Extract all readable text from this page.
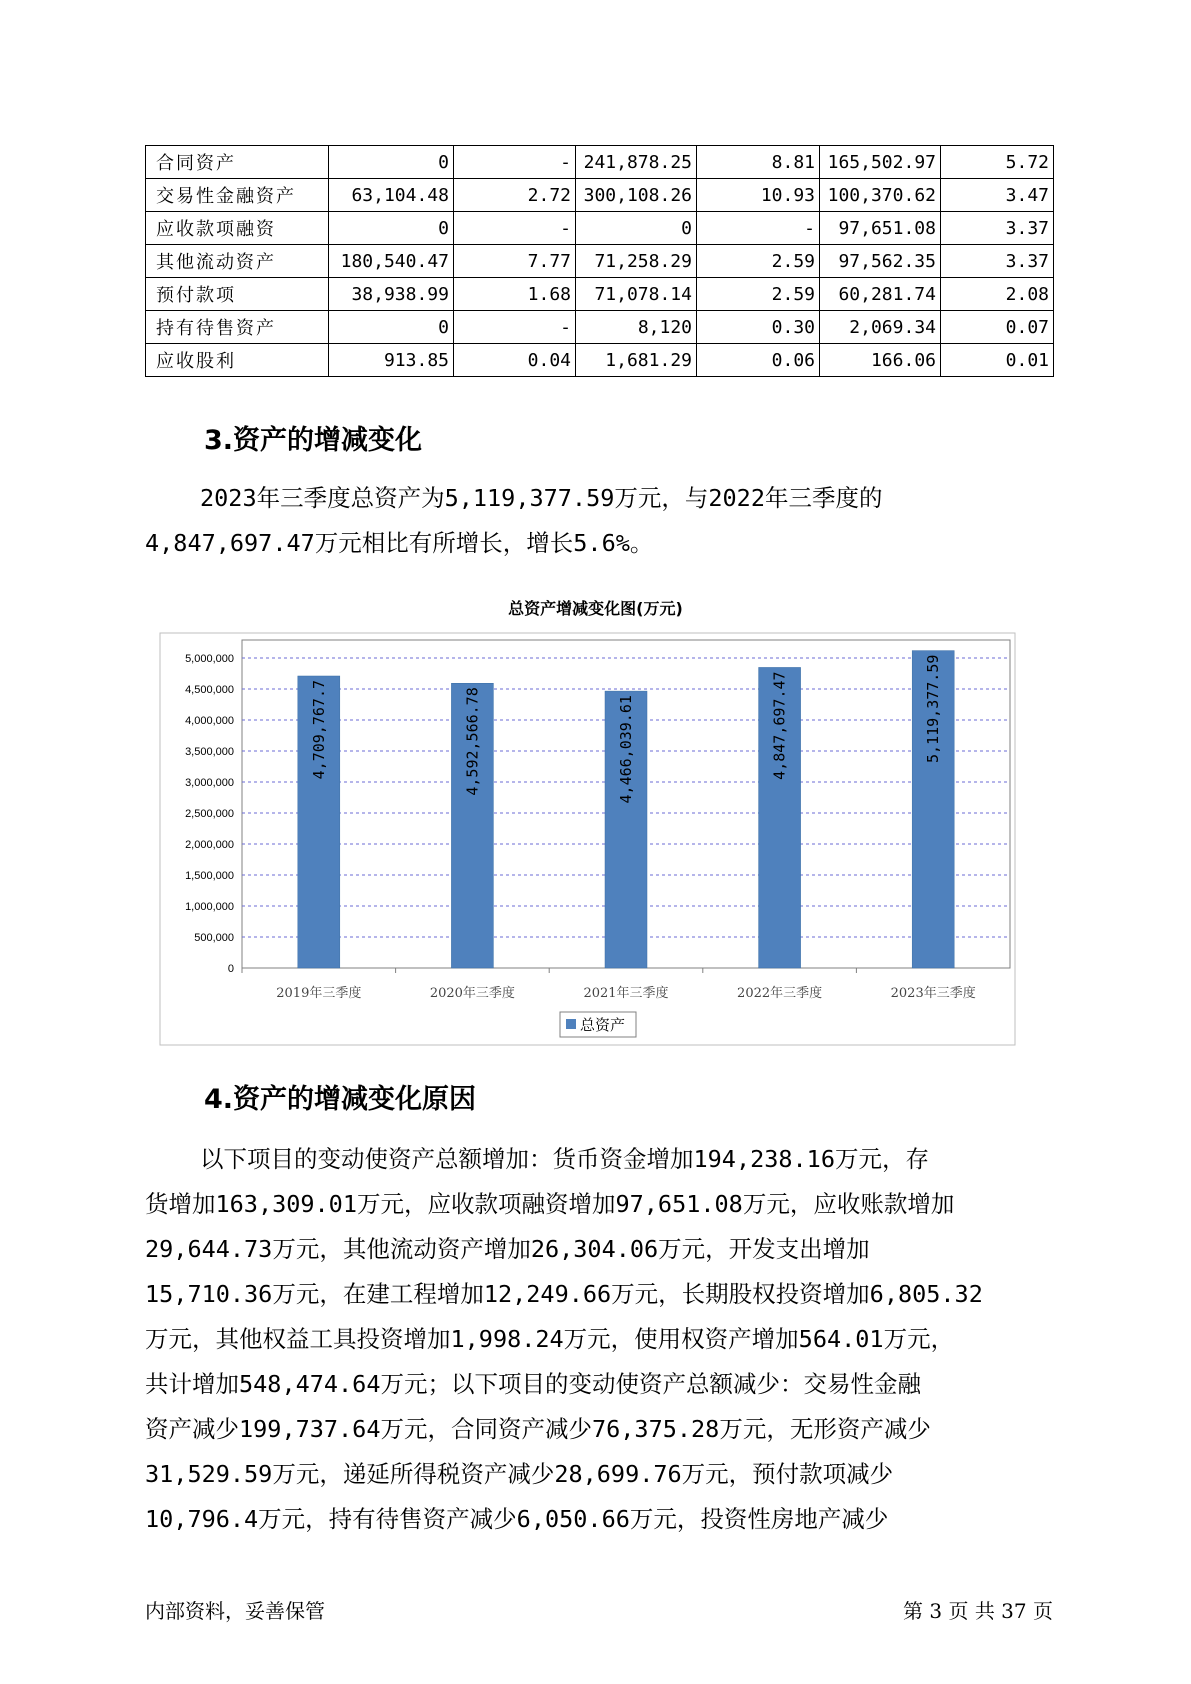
合同资产	0	-	241,878.25	8.81	165,502.97	5.72
交易性金融资产	63,104.48	2.72	300,108.26	10.93	100,370.62	3.47
应收款项融资	0	-	0	-	97,651.08	3.37
其他流动资产	180,540.47	7.77	71,258.29	2.59	97,562.35	3.37
预付款项	38,938.99	1.68	71,078.14	2.59	60,281.74	2.08
持有待售资产	0	-	8,120	0.30	2,069.34	0.07
应收股利	913.85	0.04	1,681.29	0.06	166.06	0.01
3.资产的增减变化
2023年三季度总资产为5,119,377.59万元，与2022年三季度的
4,847,697.47万元相比有所增长，增长5.6%。
总资产增减变化图(万元)
0
500,000
1,000,000
1,500,000
2,000,000
2,500,000
3,000,000
3,500,000
4,000,000
4,500,000
5,000,000
4,709,767.7
2019年三季度
4,592,566.78
2020年三季度
4,466,039.61
2021年三季度
4,847,697.47
2022年三季度
5,119,377.59
2023年三季度
总资产
4.资产的增减变化原因
以下项目的变动使资产总额增加：货币资金增加194,238.16万元，存
货增加163,309.01万元，应收款项融资增加97,651.08万元，应收账款增加
29,644.73万元，其他流动资产增加26,304.06万元，开发支出增加
15,710.36万元，在建工程增加12,249.66万元，长期股权投资增加6,805.32
万元，其他权益工具投资增加1,998.24万元，使用权资产增加564.01万元，
共计增加548,474.64万元；以下项目的变动使资产总额减少：交易性金融
资产减少199,737.64万元，合同资产减少76,375.28万元，无形资产减少
31,529.59万元，递延所得税资产减少28,699.76万元，预付款项减少
10,796.4万元，持有待售资产减少6,050.66万元，投资性房地产减少
内部资料，妥善保管	第 3 页 共 37 页
